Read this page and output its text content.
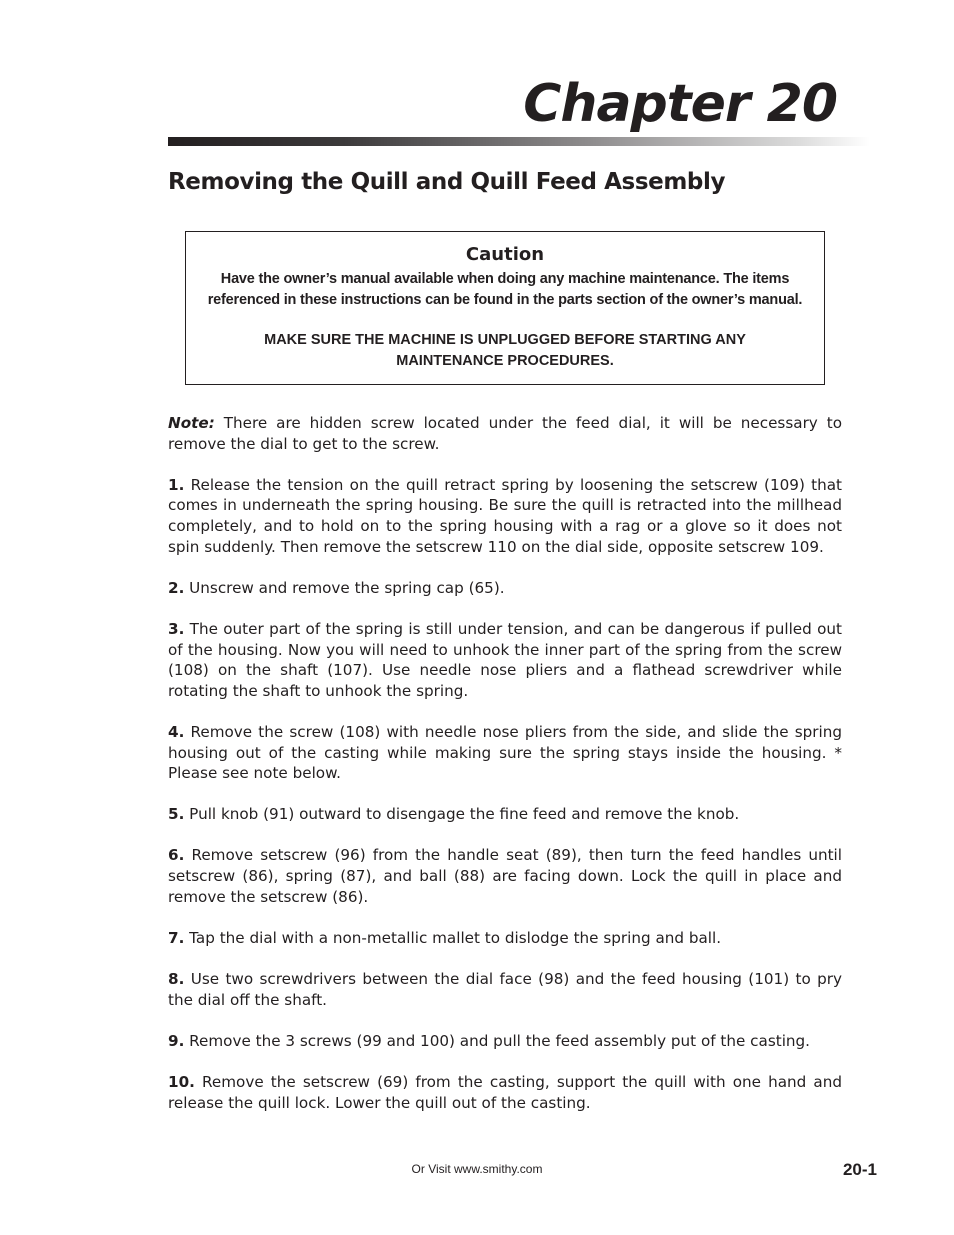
Chapter 20
Removing the Quill and Quill Feed Assembly
Caution
Have the owner’s manual available when doing any machine maintenance. The items
referenced in these instructions can be found in the parts section of the owner’s manual.
MAKE SURE THE MACHINE IS UNPLUGGED BEFORE STARTING ANY
MAINTENANCE PROCEDURES.

Note: There are hidden screw located under the feed dial, it will be necessary to remove the dial to get to the screw.

1. Release the tension on the quill retract spring by loosening the setscrew (109) that comes in underneath the spring housing. Be sure the quill is retracted into the millhead completely, and to hold on to the spring housing with a rag or a glove so it does not spin suddenly. Then remove the setscrew 110 on the dial side, opposite setscrew 109.

2. Unscrew and remove the spring cap (65).

3. The outer part of the spring is still under tension, and can be dangerous if pulled out of the housing. Now you will need to unhook the inner part of the spring from the screw (108) on the shaft (107). Use needle nose pliers and a flathead screwdriver while rotating the shaft to unhook the spring.

4. Remove the screw (108) with needle nose pliers from the side, and slide the spring housing out of the casting while making sure the spring stays inside the housing. * Please see note below.

5. Pull knob (91) outward to disengage the fine feed and remove the knob.

6. Remove setscrew (96) from the handle seat (89), then turn the feed handles until setscrew (86), spring (87), and ball (88) are facing down. Lock the quill in place and remove the setscrew (86).

7. Tap the dial with a non-metallic mallet to dislodge the spring and ball.

8. Use two screwdrivers between the dial face (98) and the feed housing (101) to pry the dial off the shaft.

9. Remove the 3 screws (99 and 100) and pull the feed assembly put of the casting.

10. Remove the setscrew (69) from the casting, support the quill with one hand and release the quill lock. Lower the quill out of the casting.

Or Visit www.smithy.com	20-1
